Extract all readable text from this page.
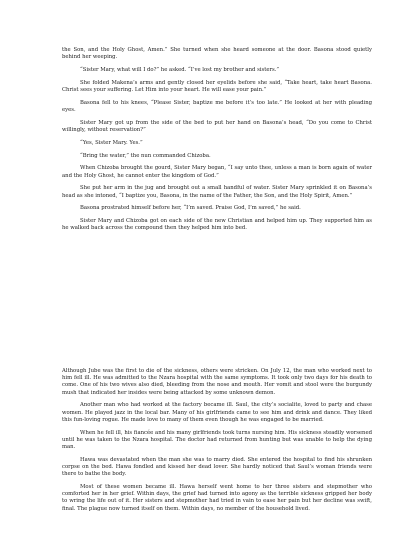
the Son, and the Holy Ghost, Amen.” She turned when she heard someone at the door. Basona stood quietly behind her weeping.

“Sister Mary, what will I do?” he asked. “I’ve lost my brother and sisters.”

She folded Makena’s arms and gently closed her eyelids before she said, “Take heart, take heart Basona. Christ sees your suffering. Let Him into your heart. He will ease your pain.”

Basona fell to his knees, “Please Sister, baptize me before it’s too late.” He looked at her with pleading eyes.

Sister Mary got up from the side of the bed to put her hand on Basona’s head, “Do you come to Christ willingly, without reservation?”

“Yes, Sister Mary. Yes.”

“Bring the water,” the nun commanded Chizoba.

When Chizoba brought the gourd, Sister Mary began, “I say unto thee, unless a man is born again of water and the Holy Ghost, he cannot enter the kingdom of God.”

She put her arm in the jug and brought out a small handful of water. Sister Mary sprinkled it on Basona’s head as she intoned, “I baptize you, Basona, in the name of the Father, the Son, and the Holy Spirit, Amen.”

Basona prostrated himself before her, “I’m saved. Praise God, I’m saved,” he said.

Sister Mary and Chizoba got on each side of the new Christian and helped him up. They supported him as he walked back across the compound then they helped him into bed.

Although Jube was the first to die of the sickness, others were stricken. On July 12, the man who worked next to him fell ill. He was admitted to the Nzara hospital with the same symptoms. It took only two days for his death to come. One of his two wives also died, bleeding from the nose and mouth. Her vomit and stool were the burgundy mush that indicated her insides were being attacked by some unknown demon.

Another man who had worked at the factory became ill. Saul, the city’s socialite, loved to party and chase women. He played jazz in the local bar. Many of his girlfriends came to see him and drink and dance. They liked this fun-loving rogue. He made love to many of them even though he was engaged to be married.

When he fell ill, his fiancée and his many girlfriends took turns nursing him. His sickness steadily worsened until he was taken to the Nzara hospital. The doctor had returned from hunting but was unable to help the dying man.

Hawa was devastated when the man she was to marry died. She entered the hospital to find his shrunken corpse on the bed. Hawa fondled and kissed her dead lover. She hardly noticed that Saul’s woman friends were there to bathe the body.

Most of these women became ill. Hawa herself went home to her three sisters and stepmother who comforted her in her grief. Within days, the grief had turned into agony as the terrible sickness gripped her body to wring the life out of it. Her sisters and stepmother had tried in vain to ease her pain but her decline was swift, final. The plague now turned itself on them. Within days, no member of the household lived.
